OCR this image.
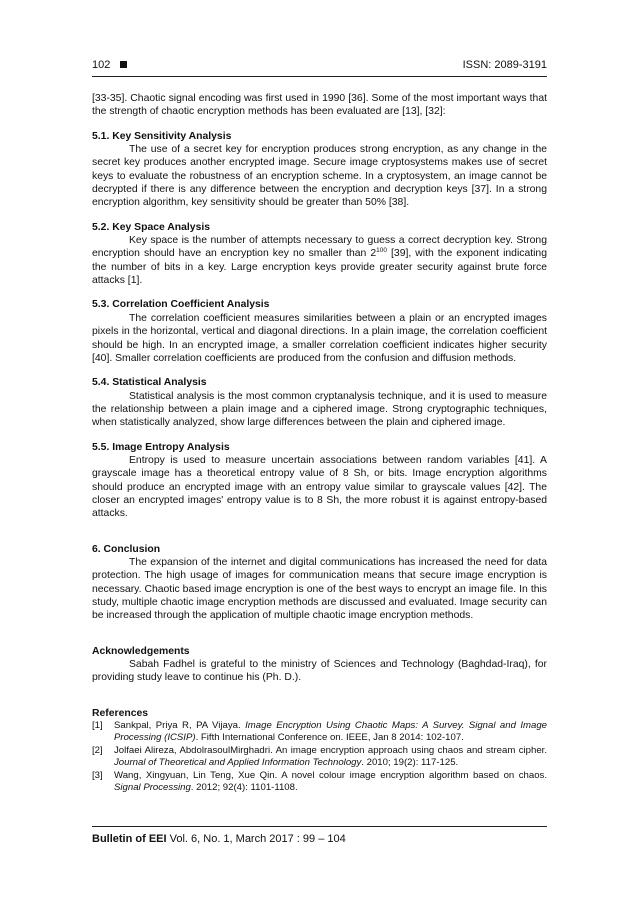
102	ISSN: 2089-3191

[33-35]. Chaotic signal encoding was first used in 1990 [36]. Some of the most important ways that the strength of chaotic encryption methods has been evaluated are [13], [32]:

5.1. Key Sensitivity Analysis

The use of a secret key for encryption produces strong encryption, as any change in the secret key produces another encrypted image. Secure image cryptosystems makes use of secret keys to evaluate the robustness of an encryption scheme. In a cryptosystem, an image cannot be decrypted if there is any difference between the encryption and decryption keys [37]. In a strong encryption algorithm, key sensitivity should be greater than 50% [38].

5.2. Key Space Analysis

Key space is the number of attempts necessary to guess a correct decryption key. Strong encryption should have an encryption key no smaller than $2^{100}$ [39], with the exponent indicating the number of bits in a key. Large encryption keys provide greater security against brute force attacks [1].

5.3. Correlation Coefficient Analysis

The correlation coefficient measures similarities between a plain or an encrypted images pixels in the horizontal, vertical and diagonal directions. In a plain image, the correlation coefficient should be high. In an encrypted image, a smaller correlation coefficient indicates higher security [40]. Smaller correlation coefficients are produced from the confusion and diffusion methods.

5.4. Statistical Analysis

Statistical analysis is the most common cryptanalysis technique, and it is used to measure the relationship between a plain image and a ciphered image. Strong cryptographic techniques, when statistically analyzed, show large differences between the plain and ciphered image.

5.5. Image Entropy Analysis

Entropy is used to measure uncertain associations between random variables [41]. A grayscale image has a theoretical entropy value of 8 Sh, or bits. Image encryption algorithms should produce an encrypted image with an entropy value similar to grayscale values [42]. The closer an encrypted images' entropy value is to 8 Sh, the more robust it is against entropy-based attacks.

6. Conclusion

The expansion of the internet and digital communications has increased the need for data protection. The high usage of images for communication means that secure image encryption is necessary. Chaotic based image encryption is one of the best ways to encrypt an image file. In this study, multiple chaotic image encryption methods are discussed and evaluated. Image security can be increased through the application of multiple chaotic image encryption methods.

Acknowledgements

Sabah Fadhel is grateful to the ministry of Sciences and Technology (Baghdad-Iraq), for providing study leave to continue his (Ph. D.).

References

[1] Sankpal, Priya R, PA Vijaya. Image Encryption Using Chaotic Maps: A Survey. Signal and Image Processing (ICSIP). Fifth International Conference on. IEEE, Jan 8 2014: 102-107.
[2] Jolfaei Alireza, AbdolrasoulMirghadri. An image encryption approach using chaos and stream cipher. Journal of Theoretical and Applied Information Technology. 2010; 19(2): 117-125.
[3] Wang, Xingyuan, Lin Teng, Xue Qin. A novel colour image encryption algorithm based on chaos. Signal Processing. 2012; 92(4): 1101-1108.
Bulletin of EEI Vol. 6, No. 1, March 2017 : 99 – 104
